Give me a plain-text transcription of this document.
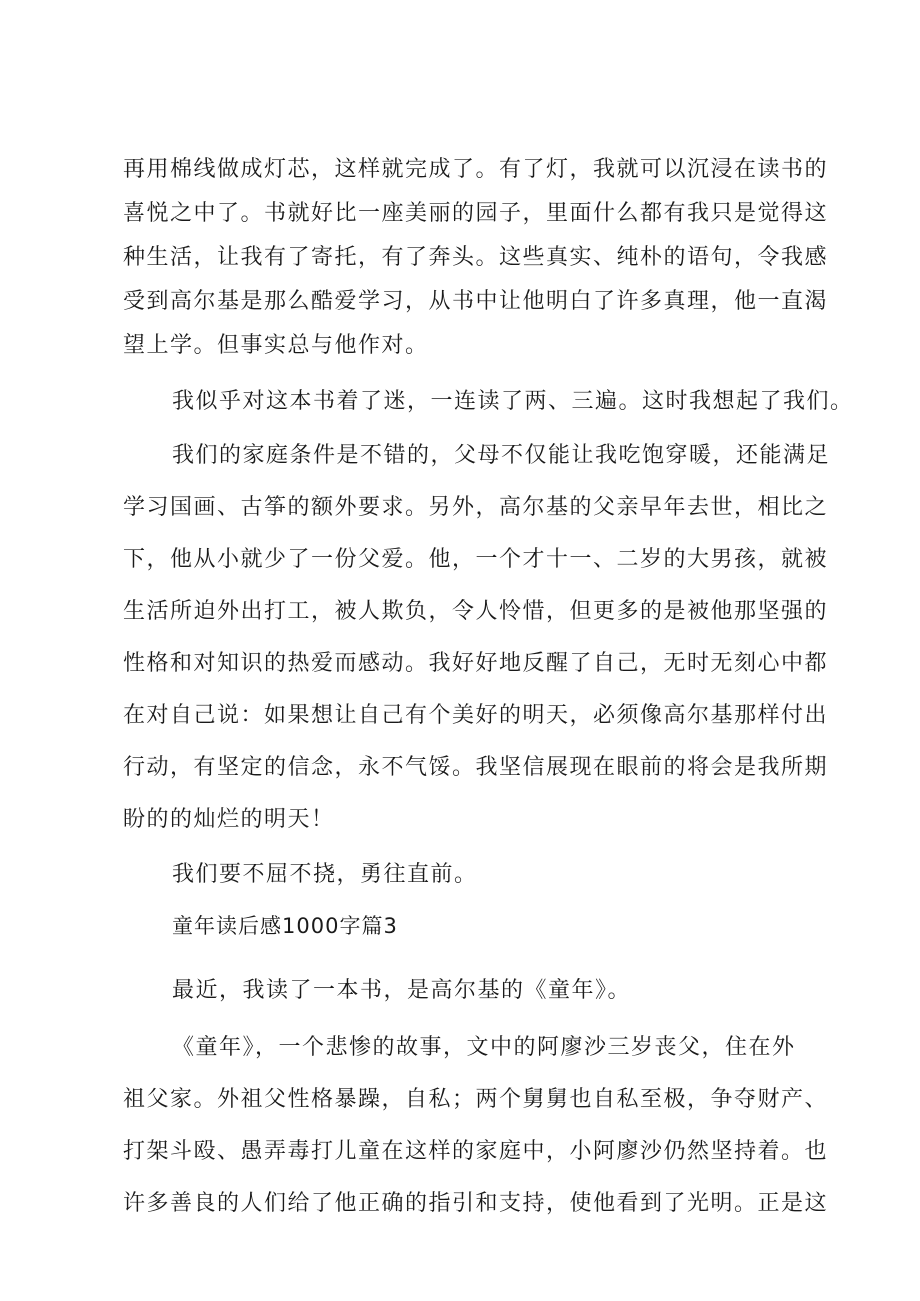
再用棉线做成灯芯，这样就完成了。有了灯，我就可以沉浸在读书的
喜悦之中了。书就好比一座美丽的园子，里面什么都有我只是觉得这
种生活，让我有了寄托，有了奔头。这些真实、纯朴的语句，令我感
受到高尔基是那么酷爱学习，从书中让他明白了许多真理，他一直渴
望上学。但事实总与他作对。
我似乎对这本书着了迷，一连读了两、三遍。这时我想起了我们。
我们的家庭条件是不错的，父母不仅能让我吃饱穿暖，还能满足
学习国画、古筝的额外要求。另外，高尔基的父亲早年去世，相比之
下，他从小就少了一份父爱。他，一个才十一、二岁的大男孩，就被
生活所迫外出打工，被人欺负，令人怜惜，但更多的是被他那坚强的
性格和对知识的热爱而感动。我好好地反醒了自己，无时无刻心中都
在对自己说：如果想让自己有个美好的明天，必须像高尔基那样付出
行动，有坚定的信念，永不气馁。我坚信展现在眼前的将会是我所期
盼的的灿烂的明天！
我们要不屈不挠，勇往直前。
童年读后感1000字篇3
最近，我读了一本书，是高尔基的《童年》。
《童年》，一个悲惨的故事，文中的阿廖沙三岁丧父，住在外
祖父家。外祖父性格暴躁，自私；两个舅舅也自私至极，争夺财产、
打架斗殴、愚弄毒打儿童在这样的家庭中，小阿廖沙仍然坚持着。也
许多善良的人们给了他正确的指引和支持，使他看到了光明。正是这
